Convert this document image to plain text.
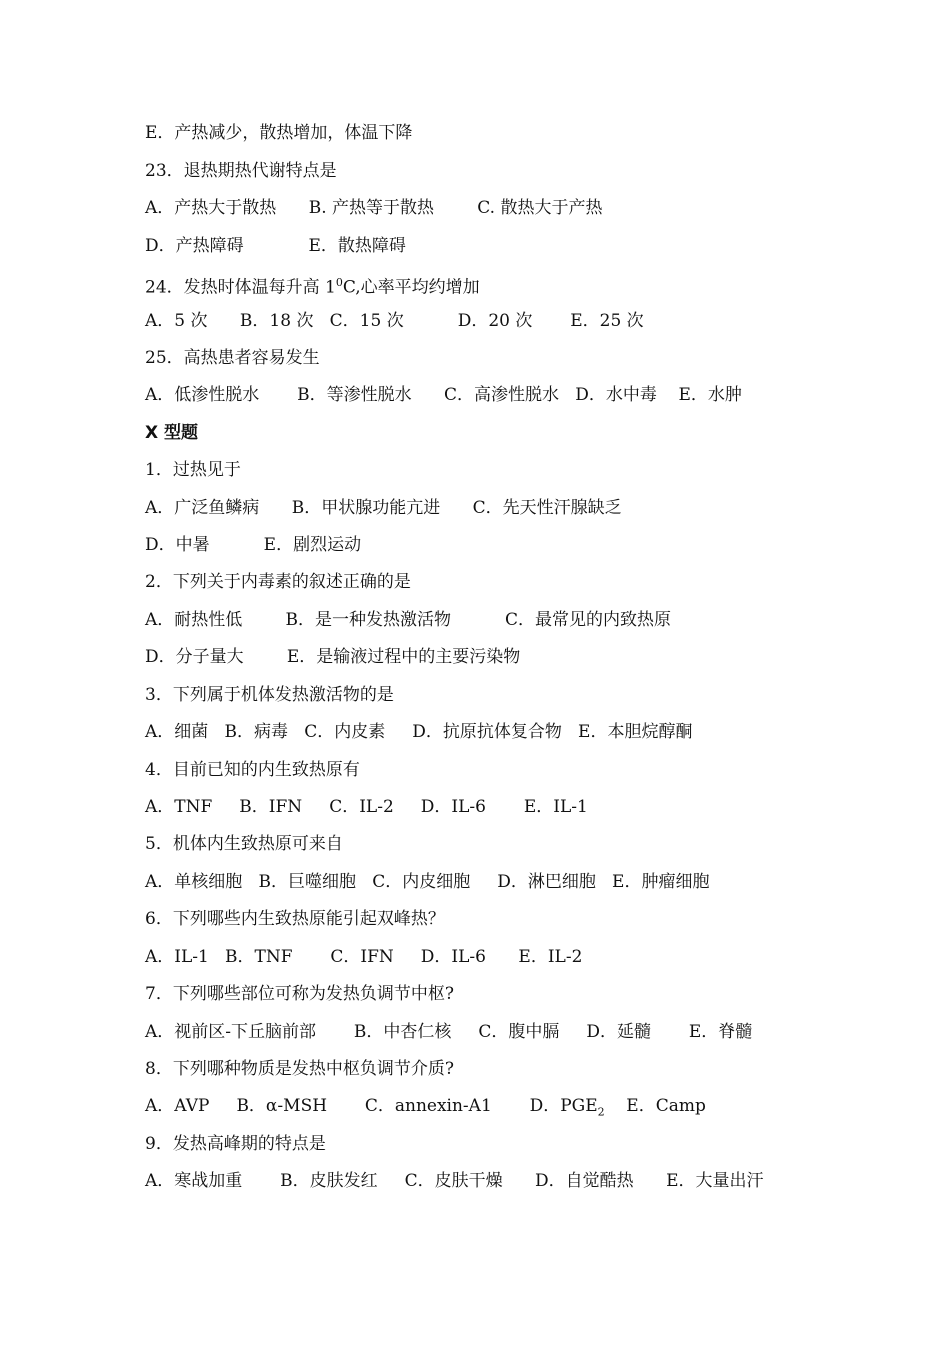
E．产热减少，散热增加，体温下降
23．退热期热代谢特点是
A．产热大于散热      B. 产热等于散热        C. 散热大于产热
D．产热障碍            E．散热障碍
24．发热时体温每升高 $1^0C$,心率平均约增加
A．5 次      B．18 次   C．15 次          D．20 次       E．25 次
25．高热患者容易发生
A．低渗性脱水       B．等渗性脱水      C．高渗性脱水   D．水中毒    E．水肿
X 型题
1．过热见于
A．广泛鱼鳞病      B．甲状腺功能亢进      C．先天性汗腺缺乏
D．中暑          E．剧烈运动
2．下列关于内毒素的叙述正确的是
A．耐热性低        B．是一种发热激活物          C．最常见的内致热原
D．分子量大        E．是输液过程中的主要污染物
3．下列属于机体发热激活物的是
A．细菌   B．病毒   C．内皮素     D．抗原抗体复合物   E．本胆烷醇酮
4．目前已知的内生致热原有
A．TNF     B．IFN     C．IL-2     D．IL-6       E．IL-1
5．机体内生致热原可来自
A．单核细胞   B．巨噬细胞   C．内皮细胞     D．淋巴细胞   E．肿瘤细胞
6．下列哪些内生致热原能引起双峰热？
A．IL-1   B．TNF       C．IFN     D．IL-6      E．IL-2
7．下列哪些部位可称为发热负调节中枢?
A．视前区-下丘脑前部       B．中杏仁核     C．腹中膈     D．延髓       E．脊髓
8．下列哪种物质是发热中枢负调节介质?
A．AVP     B．α-MSH       C．annexin-A1       D．$PGE_2$    E．Camp
9．发热高峰期的特点是
A．寒战加重       B．皮肤发红     C．皮肤干燥      D．自觉酷热      E．大量出汗
